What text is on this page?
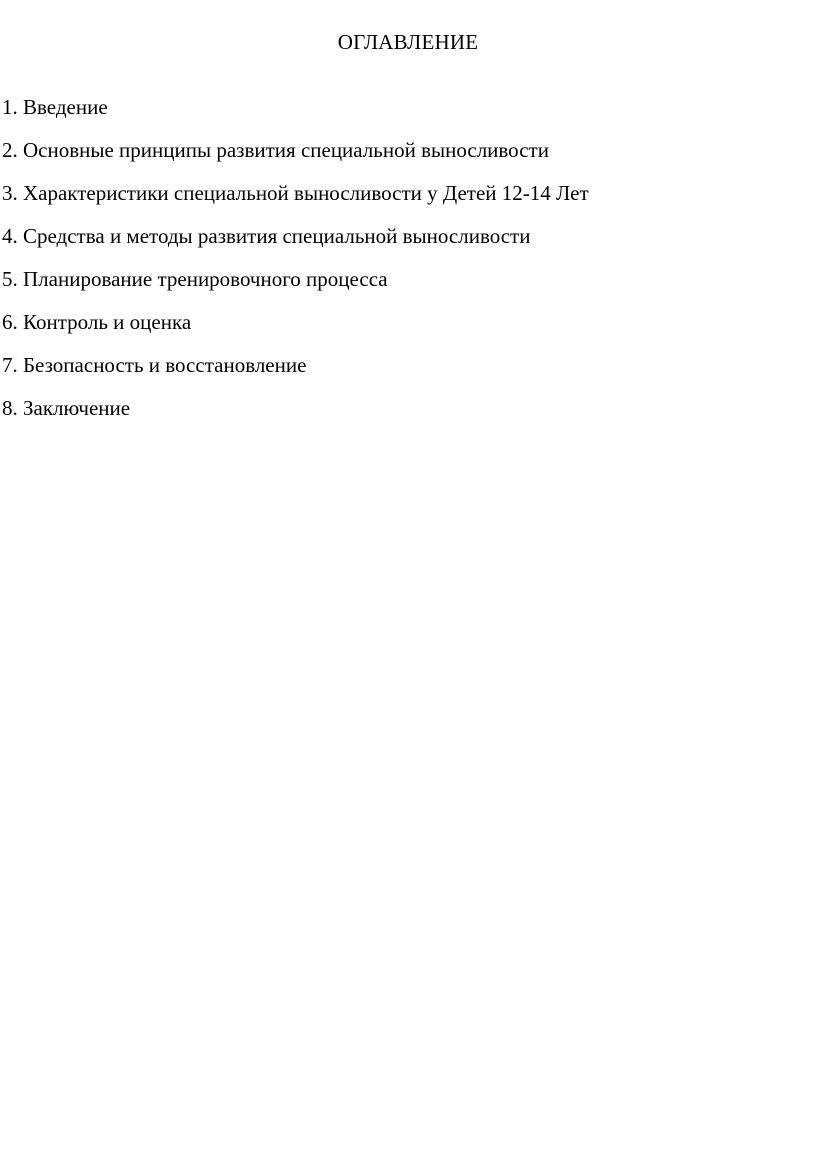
ОГЛАВЛЕНИЕ
1. Введение
2. Основные принципы развития специальной выносливости
3. Характеристики специальной выносливости у Детей 12-14 Лет
4. Средства и методы развития специальной выносливости
5. Планирование тренировочного процесса
6. Контроль и оценка
7. Безопасность и восстановление
8. Заключение
